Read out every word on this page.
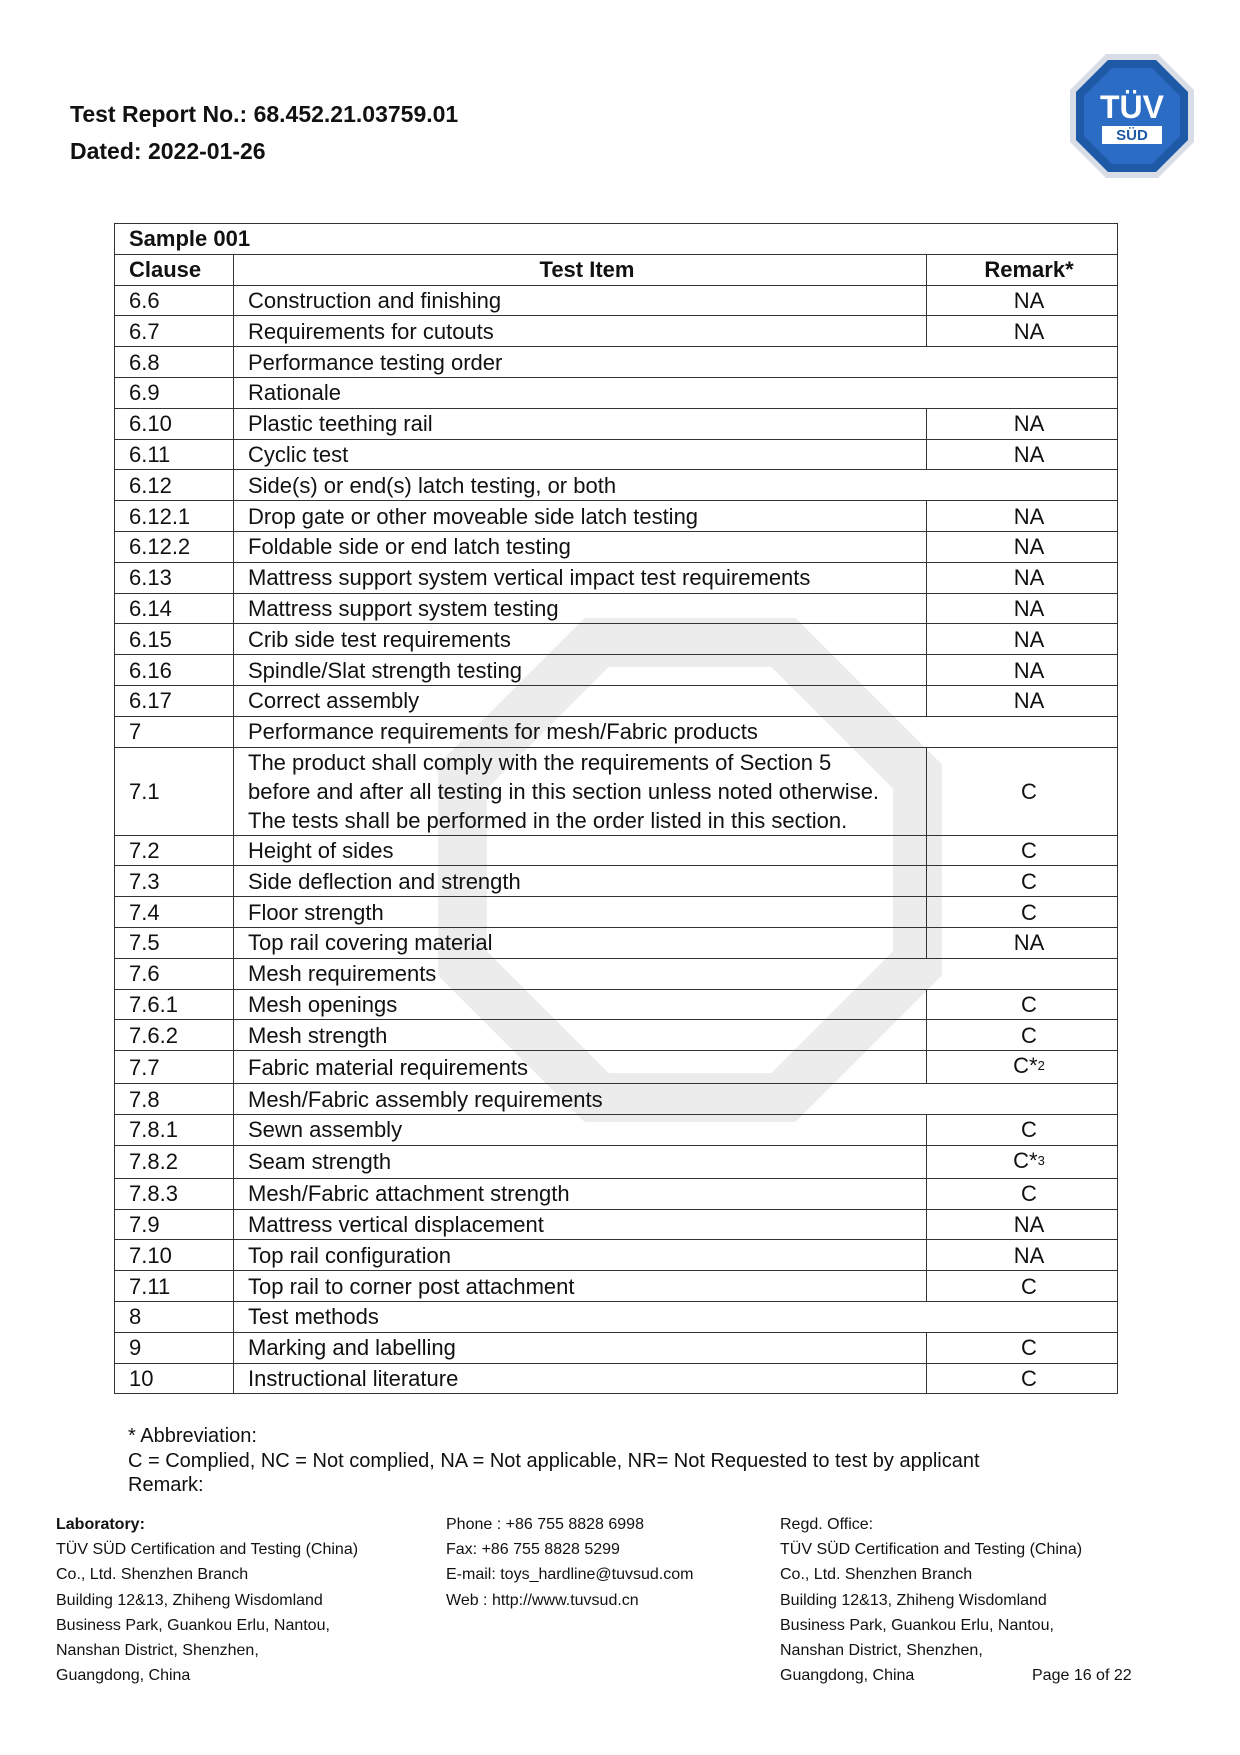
Test Report No.: 68.452.21.03759.01
Dated: 2022-01-26
TÜV
SÜD
Sample 001		
Clause	Test Item	Remark*
6.6	Construction and finishing	NA
6.7	Requirements for cutouts	NA
6.8	Performance testing order	
6.9	Rationale	
6.10	Plastic teething rail	NA
6.11	Cyclic test	NA
6.12	Side(s) or end(s) latch testing, or both	
6.12.1	Drop gate or other moveable side latch testing	NA
6.12.2	Foldable side or end latch testing	NA
6.13	Mattress support system vertical impact test requirements	NA
6.14	Mattress support system testing	NA
6.15	Crib side test requirements	NA
6.16	Spindle/Slat strength testing	NA
6.17	Correct assembly	NA
7	Performance requirements for mesh/Fabric products	
7.1	The product shall comply with the requirements of Section 5
before and after all testing in this section unless noted otherwise.
The tests shall be performed in the order listed in this section.	C
7.2	Height of sides	C
7.3	Side deflection and strength	C
7.4	Floor strength	C
7.5	Top rail covering material	NA
7.6	Mesh requirements	
7.6.1	Mesh openings	C
7.6.2	Mesh strength	C
7.7	Fabric material requirements	C*$^2$
7.8	Mesh/Fabric assembly requirements	
7.8.1	Sewn assembly	C
7.8.2	Seam strength	C*$^3$
7.8.3	Mesh/Fabric attachment strength	C
7.9	Mattress vertical displacement	NA
7.10	Top rail configuration	NA
7.11	Top rail to corner post attachment	C
8	Test methods	
9	Marking and labelling	C
10	Instructional literature	C
* Abbreviation:
C = Complied, NC = Not complied, NA = Not applicable, NR= Not Requested to test by applicant
Remark:
Laboratory:
TÜV SÜD Certification and Testing (China)
Co., Ltd. Shenzhen Branch
Building 12&13, Zhiheng Wisdomland
Business Park, Guankou Erlu, Nantou,
Nanshan District, Shenzhen,
Guangdong, China
Phone : +86 755 8828 6998
Fax: +86 755 8828 5299
E-mail: toys_hardline@tuvsud.com
Web : http://www.tuvsud.cn
Regd. Office:
TÜV SÜD Certification and Testing (China)
Co., Ltd. Shenzhen Branch
Building 12&13, Zhiheng Wisdomland
Business Park, Guankou Erlu, Nantou,
Nanshan District, Shenzhen,
Guangdong, China	Page 16 of 22
